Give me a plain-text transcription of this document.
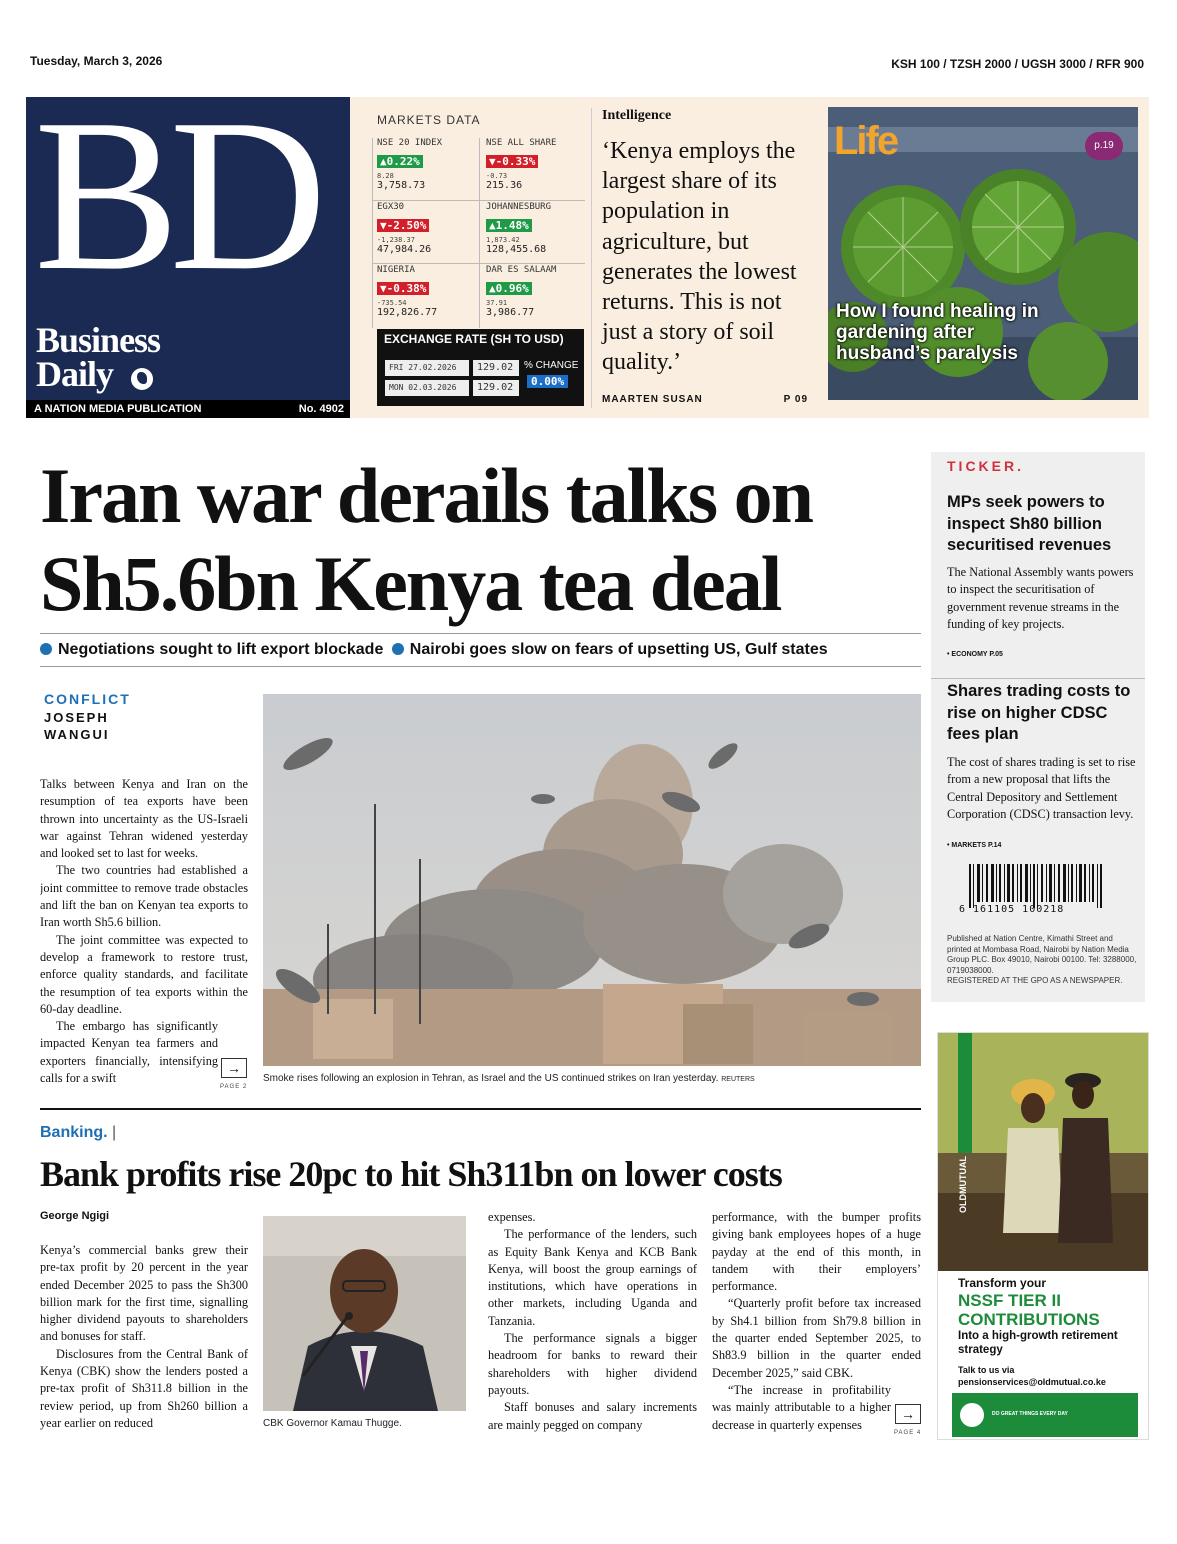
Tuesday, March 3, 2026	KSH 100 / TZSH 2000 / UGSH 3000 / RFR 900
BD
Business
Daily
A NATION MEDIA PUBLICATION	No. 4902
MARKETS DATA
NSE 20 INDEX
▲0.22%
8.28
3,758.73
NSE ALL SHARE
▼-0.33%
-0.73
215.36
EGX30
▼-2.50%
-1,238.37
47,984.26
JOHANNESBURG
▲1.48%
1,873.42
128,455.68
NIGERIA
▼-0.38%
-735.54
192,826.77
DAR ES SALAAM
▲0.96%
37.91
3,986.77
EXCHANGE RATE (SH TO USD)
FRI 27.02.2026	129.02
MON 02.03.2026	129.02
% CHANGE
0.00%
Intelligence
‘Kenya employs the largest share of its population in agriculture, but generates the lowest returns. This is not just a story of soil quality.’
MAARTEN SUSAN	P 09
Life	p.19
How I found healing in gardening after husband’s paralysis
Iran war derails talks on
Sh5.6bn Kenya tea deal
Negotiations sought to lift export blockade Nairobi goes slow on fears of upsetting US, Gulf states
CONFLICT
JOSEPH
WANGUI

Talks between Kenya and Iran on the resumption of tea exports have been thrown into uncertainty as the US-Israeli war against Tehran widened yesterday and looked set to last for weeks.

The two countries had established a joint committee to remove trade obstacles and lift the ban on Kenyan tea exports to Iran worth Sh5.6 billion.

The joint committee was expected to develop a framework to restore trust, enforce quality standards, and facilitate the resumption of tea exports within the 60-day deadline.

The embargo has significantly impacted Kenyan tea farmers and exporters financially, intensifying calls for a swift

→
PAGE 2
Smoke rises following an explosion in Tehran, as Israel and the US continued strikes on Iran yesterday. REUTERS
Banking. |
Bank profits rise 20pc to hit Sh311bn on lower costs
George Ngigi

Kenya’s commercial banks grew their pre-tax profit by 20 percent in the year ended December 2025 to pass the Sh300 billion mark for the first time, signalling higher dividend payouts to shareholders and bonuses for staff.

Disclosures from the Central Bank of Kenya (CBK) show the lenders posted a pre-tax profit of Sh311.8 billion in the review period, up from Sh260 billion a year earlier on reduced	CBK Governor Kamau Thugge.

expenses.

The performance of the lenders, such as Equity Bank Kenya and KCB Bank Kenya, will boost the group earnings of institutions, which have operations in other markets, including Uganda and Tanzania.

The performance signals a bigger headroom for banks to reward their shareholders with higher dividend payouts.

Staff bonuses and salary increments are mainly pegged on company

performance, with the bumper profits giving bank employees hopes of a huge payday at the end of this month, in tandem with their employers’ performance.

“Quarterly profit before tax increased by Sh4.1 billion from Sh79.8 billion in the quarter ended September 2025, to Sh83.9 billion in the quarter ended December 2025,” said CBK.

“The increase in profitability was mainly attributable to a higher decrease in quarterly expenses

→
PAGE 4
TICKER.
MPs seek powers to inspect Sh80 billion securitised revenues
The National Assembly wants powers to inspect the securitisation of government revenue streams in the funding of key projects.
• ECONOMY P.05
Shares trading costs to rise on higher CDSC fees plan
The cost of shares trading is set to rise from a new proposal that lifts the Central Depository and Settlement Corporation (CDSC) transaction levy.
• MARKETS P.14
6 161105 100218
Published at Nation Centre, Kimathi Street and printed at Mombasa Road, Nairobi by Nation Media Group PLC. Box 49010, Nairobi 00100. Tel: 3288000, 0719038000.
REGISTERED AT THE GPO AS A NEWSPAPER.
OLDMUTUAL
Transform your
NSSF TIER II CONTRIBUTIONS
Into a high-growth retirement strategy
Talk to us via
pensionservices@oldmutual.co.ke
DO GREAT THINGS EVERY DAY
